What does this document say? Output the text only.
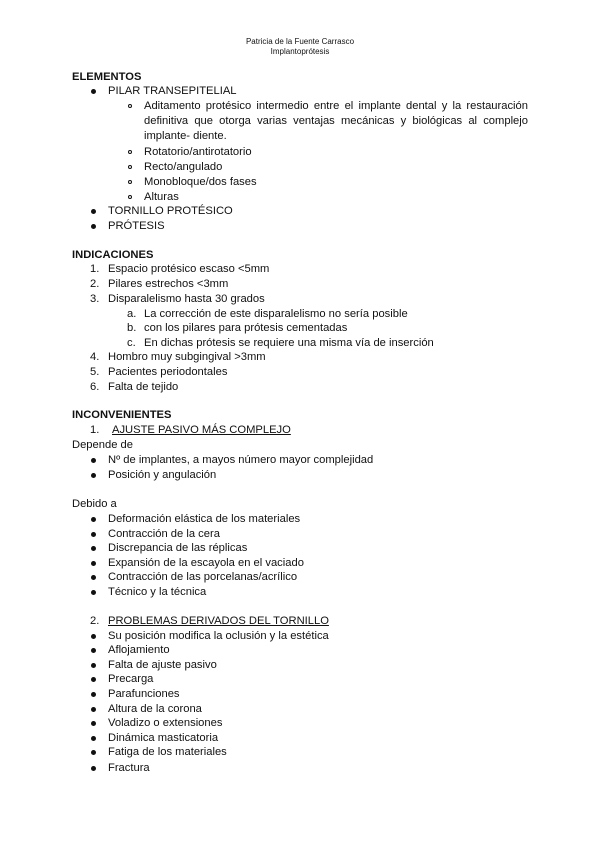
Patricia de la Fuente Carrasco
Implantoprótesis
ELEMENTOS
PILAR TRANSEPITELIAL
Aditamento protésico intermedio entre el implante dental y la restauración
definitiva que otorga varias ventajas mecánicas y biológicas al complejo
implante- diente.
Rotatorio/antirotatorio
Recto/angulado
Monobloque/dos fases
Alturas
TORNILLO PROTÉSICO
PRÓTESIS
INDICACIONES
1. Espacio protésico escaso <5mm
2. Pilares estrechos <3mm
3. Disparalelismo hasta 30 grados
a. La corrección de este disparalelismo no sería posible
b. con los pilares para prótesis cementadas
c. En dichas prótesis se requiere una misma vía de inserción
4. Hombro muy subgingival >3mm
5. Pacientes periodontales
6. Falta de tejido
INCONVENIENTES
1. AJUSTE PASIVO MÁS COMPLEJO
Depende de
Nº de implantes, a mayos número mayor complejidad
Posición y angulación
Debido a
Deformación elástica de los materiales
Contracción de la cera
Discrepancia de las réplicas
Expansión de la escayola en el vaciado
Contracción de las porcelanas/acrílico
Técnico y la técnica
2. PROBLEMAS DERIVADOS DEL TORNILLO
Su posición modifica la oclusión y la estética
Aflojamiento
Falta de ajuste pasivo
Precarga
Parafunciones
Altura de la corona
Voladizo o extensiones
Dinámica masticatoria
Fatiga de los materiales
Fractura
